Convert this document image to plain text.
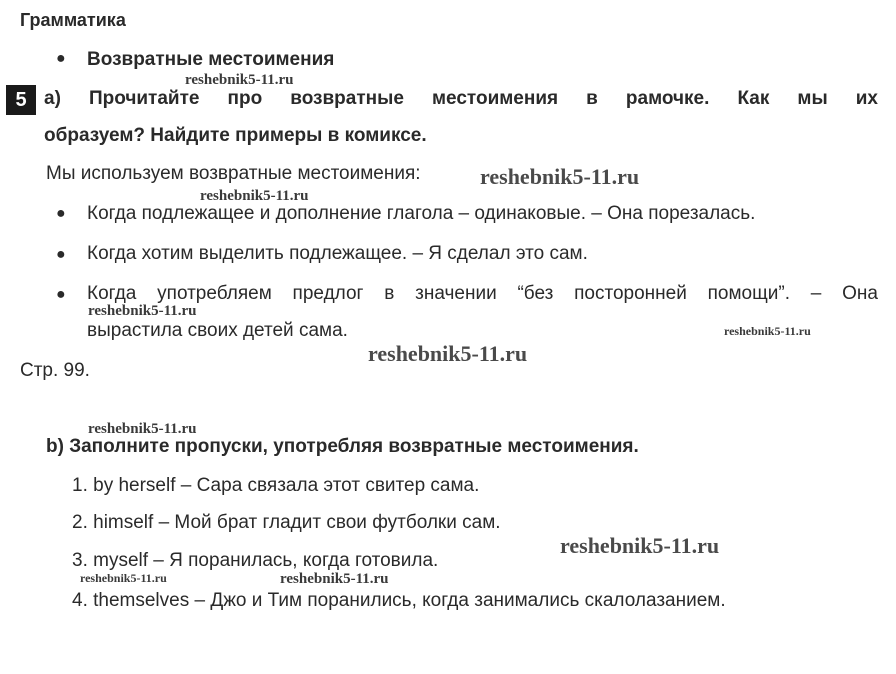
Грамматика
● Возвратные местоимения
5 a) Прочитайте про возвратные местоимения в рамочке. Как мы их
образуем? Найдите примеры в комиксе.
Мы используем возвратные местоимения:
● Когда подлежащее и дополнение глагола – одинаковые. – Она порезалась.
● Когда хотим выделить подлежащее. – Я сделал это сам.
● Когда употребляем предлог в значении “без посторонней помощи”. – Она
вырастила своих детей сама.
Стр. 99.
b) Заполните пропуски, употребляя возвратные местоимения.
1. by herself – Сара связала этот свитер сама.
2. himself – Мой брат гладит свои футболки сам.
3. myself – Я поранилась, когда готовила.
4. themselves – Джо и Тим поранились, когда занимались скалолазанием.
reshebnik5-11.ru
reshebnik5-11.ru
reshebnik5-11.ru
reshebnik5-11.ru
reshebnik5-11.ru
reshebnik5-11.ru
reshebnik5-11.ru
reshebnik5-11.ru
reshebnik5-11.ru	reshebnik5-11.ru
